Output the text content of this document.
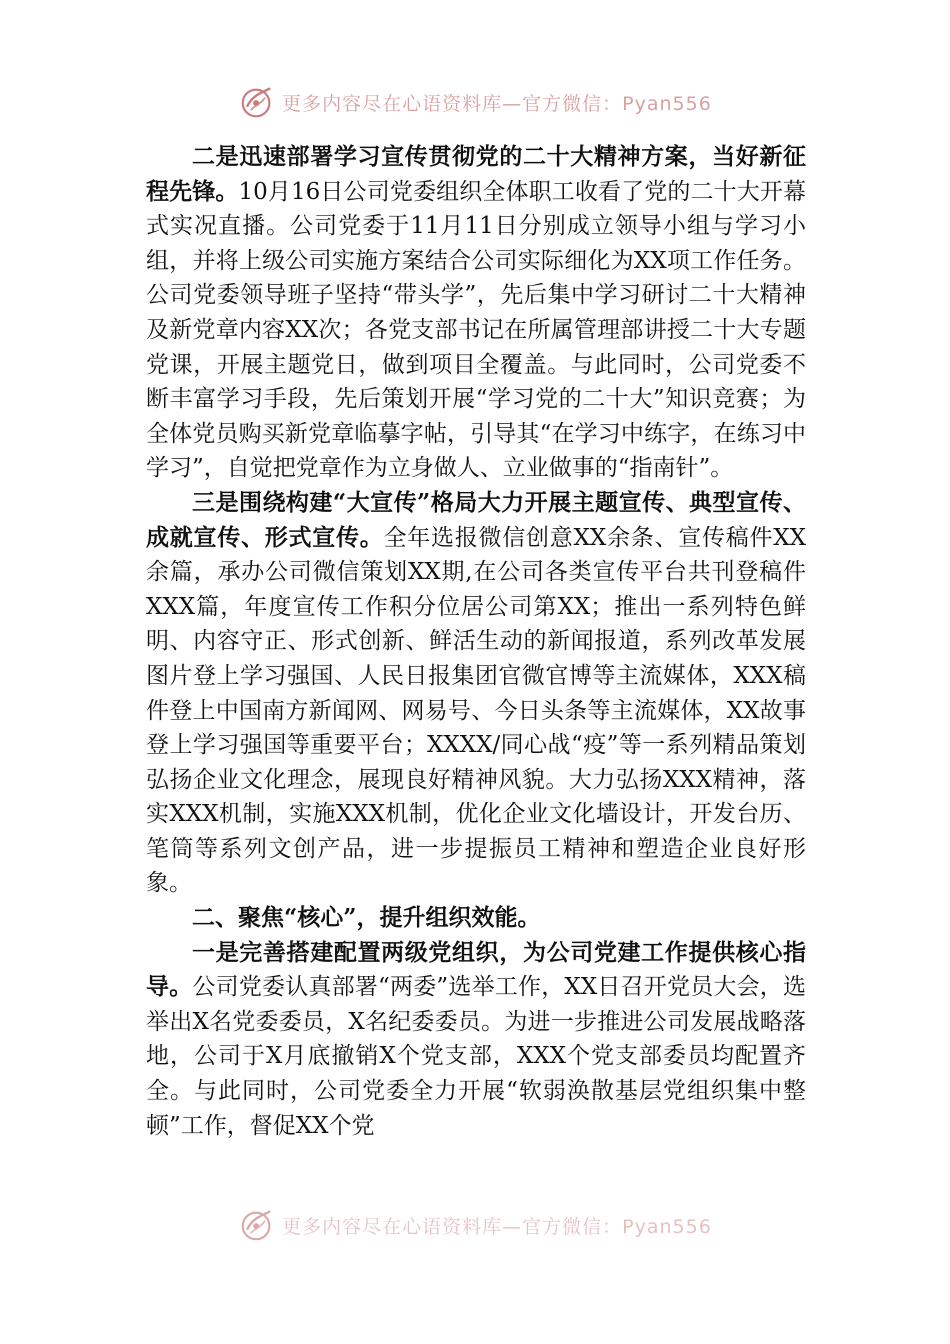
更多内容尽在心语资料库—官方微信：Pyan556

二是迅速部署学习宣传贯彻党的二十大精神方案，当好新征程先锋。10月16日公司党委组织全体职工收看了党的二十大开幕式实况直播。公司党委于11月11日分别成立领导小组与学习小组，并将上级公司实施方案结合公司实际细化为XX项工作任务。公司党委领导班子坚持“带头学”，先后集中学习研讨二十大精神及新党章内容XX次；各党支部书记在所属管理部讲授二十大专题党课，开展主题党日，做到项目全覆盖。与此同时，公司党委不断丰富学习手段，先后策划开展“学习党的二十大”知识竞赛；为全体党员购买新党章临摹字帖，引导其“在学习中练字，在练习中学习”，自觉把党章作为立身做人、立业做事的“指南针”。

三是围绕构建“大宣传”格局大力开展主题宣传、典型宣传、成就宣传、形式宣传。全年选报微信创意XX余条、宣传稿件XX余篇，承办公司微信策划XX期,在公司各类宣传平台共刊登稿件XXX篇，年度宣传工作积分位居公司第XX；推出一系列特色鲜明、内容守正、形式创新、鲜活生动的新闻报道，系列改革发展图片登上学习强国、人民日报集团官微官博等主流媒体，XXX稿件登上中国南方新闻网、网易号、今日头条等主流媒体，XX故事登上学习强国等重要平台；XXXX/同心战“疫”等一系列精品策划弘扬企业文化理念，展现良好精神风貌。大力弘扬XXX精神，落实XXX机制，实施XXX机制，优化企业文化墙设计，开发台历、笔筒等系列文创产品，进一步提振员工精神和塑造企业良好形象。

二、聚焦“核心”，提升组织效能。

一是完善搭建配置两级党组织，为公司党建工作提供核心指导。公司党委认真部署“两委”选举工作，XX日召开党员大会，选举出X名党委委员，X名纪委委员。为进一步推进公司发展战略落地，公司于X月底撤销X个党支部，XXX个党支部委员均配置齐全。与此同时，公司党委全力开展“软弱涣散基层党组织集中整顿”工作，督促XX个党

更多内容尽在心语资料库—官方微信：Pyan556
